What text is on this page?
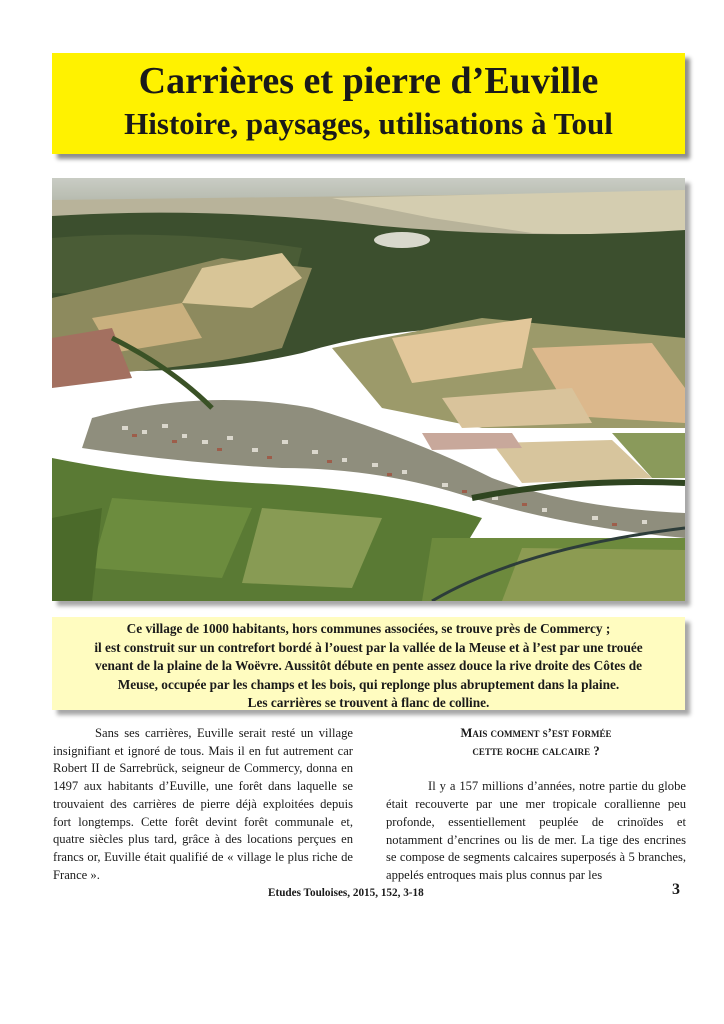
Carrières et pierre d’Euville
Histoire, paysages, utilisations à Toul

Ce village de 1000 habitants, hors communes associées, se trouve près de Commercy ;

il est construit sur un contrefort bordé à l’ouest par la vallée de la Meuse et à l’est par une trouée

venant de la plaine de la Woëvre. Aussitôt débute en pente assez douce la rive droite des Côtes de

Meuse, occupée par les champs et les bois, qui replonge plus abruptement dans la plaine.

Les carrières se trouvent à flanc de colline.

Sans ses carrières, Euville serait resté un village insignifiant et ignoré de tous. Mais il en fut autrement car Robert II de Sarrebrück, seigneur de Commercy, donna en 1497 aux habitants d’Euville, une forêt dans laquelle se trouvaient des carrières de pierre déjà exploitées depuis fort longtemps. Cette forêt devint forêt communale et, quatre siècles plus tard, grâce à des locations perçues en francs or, Euville était qualifié de « village le plus riche de France ».

Mais comment s’est formée
cette roche calcaire ?

Il y a 157 millions d’années, notre partie du globe était recouverte par une mer tropicale corallienne peu profonde, essentiellement peuplée de crinoïdes et notamment d’encrines ou lis de mer. La tige des encrines se compose de segments calcaires superposés à 5 branches, appelés entroques mais plus connus par les

Etudes Touloises, 2015, 152, 3-18	3
